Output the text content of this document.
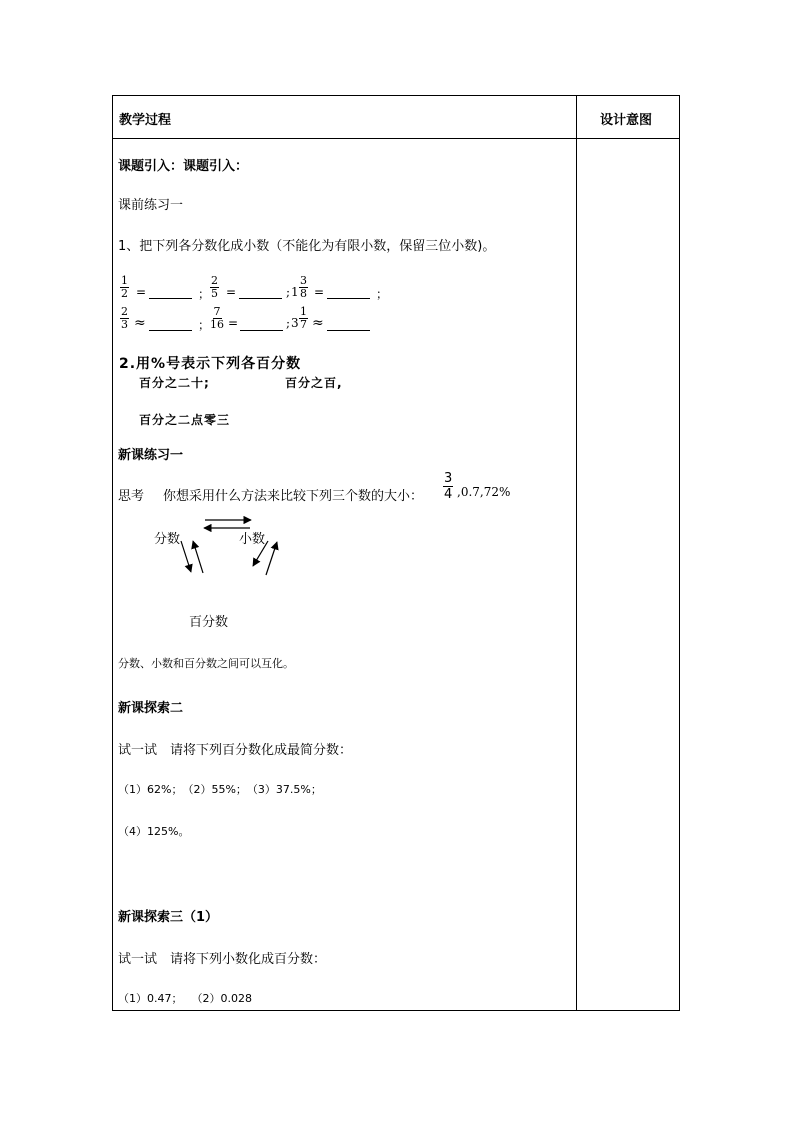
教学过程	设计意图
课题引入：课题引入：
课前练习一
1、把下列各分数化成小数（不能化为有限小数，保留三位小数)。
$\frac{1}{2}$ =	； $\frac{2}{5}$ =	; $1 \frac{3}{8}$ =	；
$\frac{2}{3}$ ≈	； $\frac{7}{16}$ =	; $3 \frac{1}{7}$ ≈
2.用%号表示下列各百分数
百分之二十;	百分之百,
百分之二点零三
新课练习一
思考 你想采用什么方法来比较下列三个数的大小： $\frac{3}{4} ,0.7,72\%$
分数	小数
百分数
分数、小数和百分数之间可以互化。
新课探索二
试一试　请将下列百分数化成最简分数：
（1）62%；　（2）55%；　（3）37.5%；
（4）125%。
新课探索三（1）
试一试　请将下列小数化成百分数：
（1）0.47；　 （2）0.028
